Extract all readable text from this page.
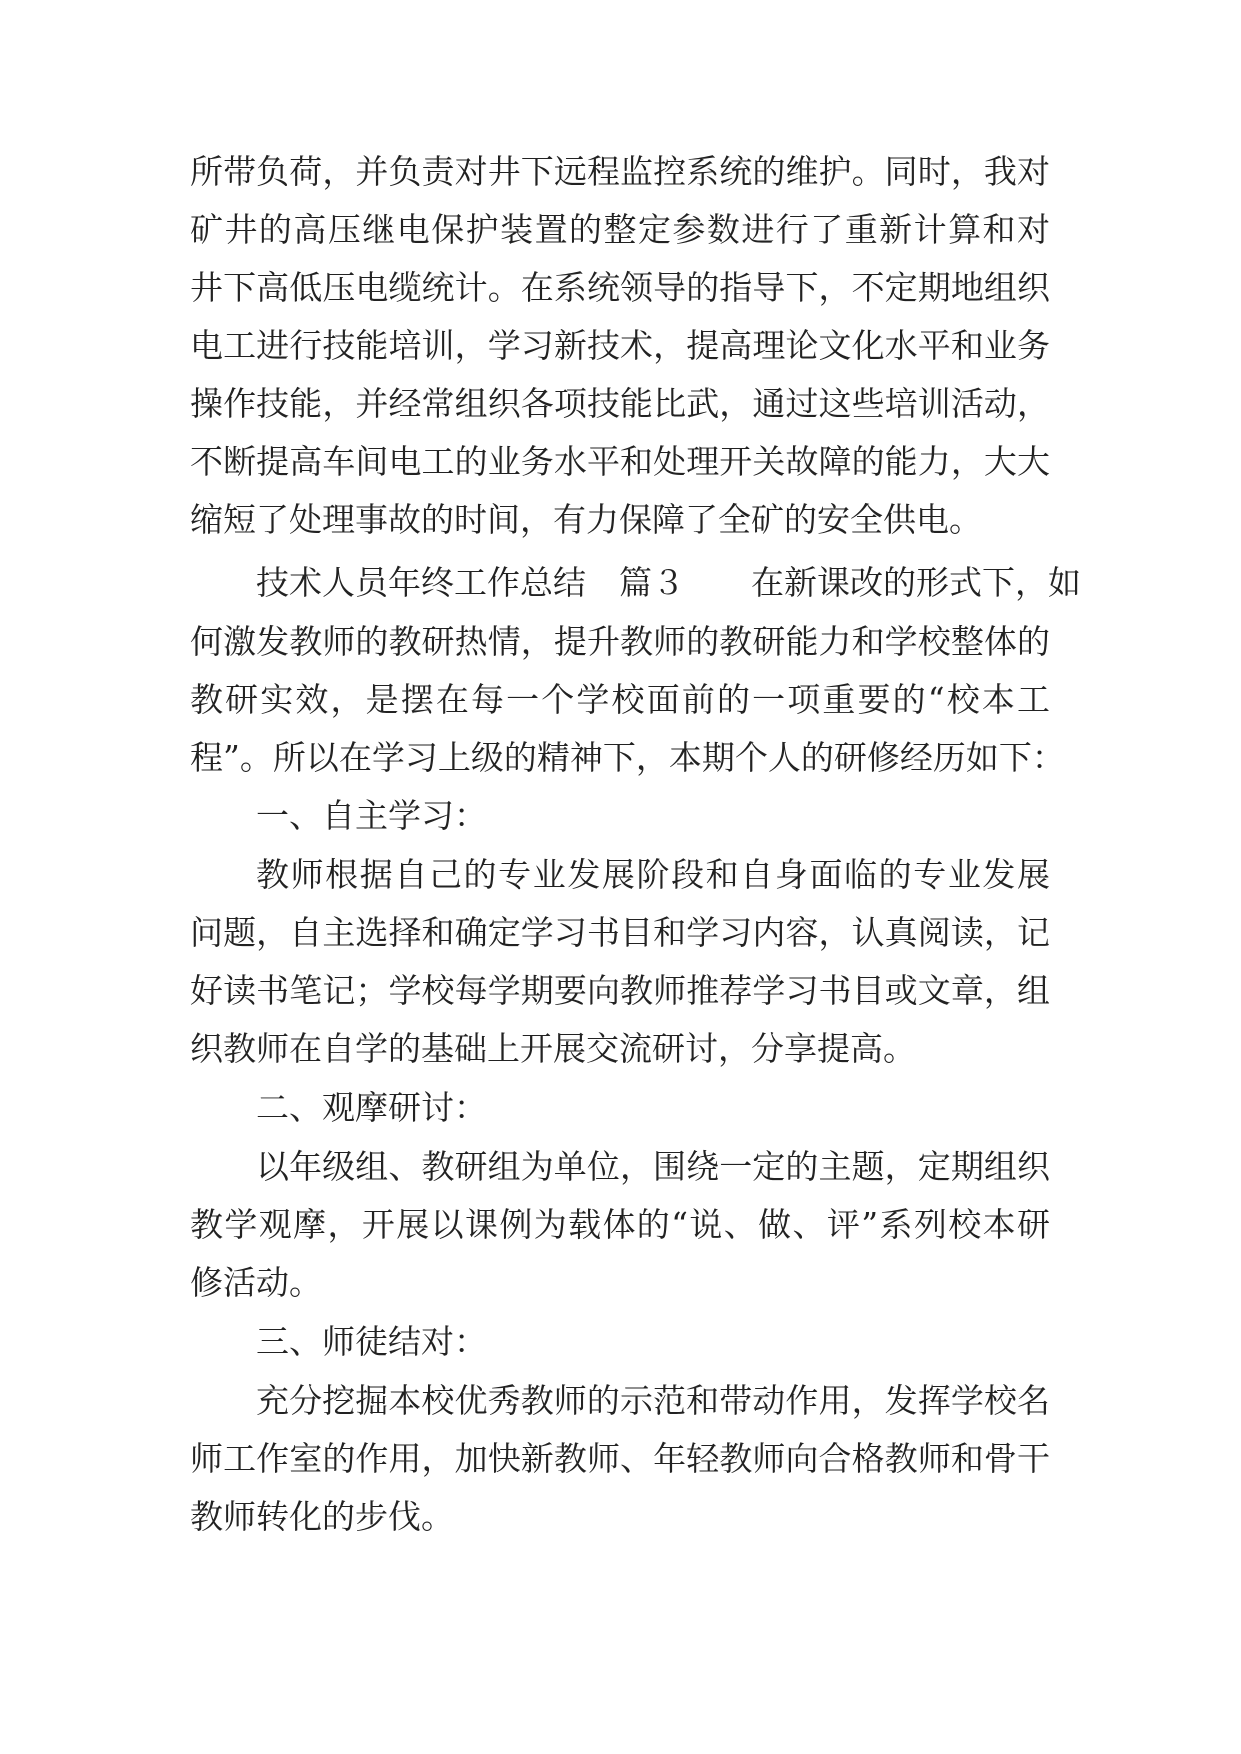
所带负荷，并负责对井下远程监控系统的维护。同时，我对
矿井的高压继电保护装置的整定参数进行了重新计算和对
井下高低压电缆统计。在系统领导的指导下，不定期地组织
电工进行技能培训，学习新技术，提高理论文化水平和业务
操作技能，并经常组织各项技能比武，通过这些培训活动，
不断提高车间电工的业务水平和处理开关故障的能力，大大
缩短了处理事故的时间，有力保障了全矿的安全供电。
技术人员年终工作总结　篇３　　在新课改的形式下，如
何激发教师的教研热情，提升教师的教研能力和学校整体的
教研实效，是摆在每一个学校面前的一项重要的“校本工
程”。所以在学习上级的精神下，本期个人的研修经历如下：
一、自主学习：
教师根据自己的专业发展阶段和自身面临的专业发展
问题，自主选择和确定学习书目和学习内容，认真阅读，记
好读书笔记；学校每学期要向教师推荐学习书目或文章，组
织教师在自学的基础上开展交流研讨，分享提高。
二、观摩研讨：
以年级组、教研组为单位，围绕一定的主题，定期组织
教学观摩，开展以课例为载体的“说、做、评”系列校本研
修活动。
三、师徒结对：
充分挖掘本校优秀教师的示范和带动作用，发挥学校名
师工作室的作用，加快新教师、年轻教师向合格教师和骨干
教师转化的步伐。
